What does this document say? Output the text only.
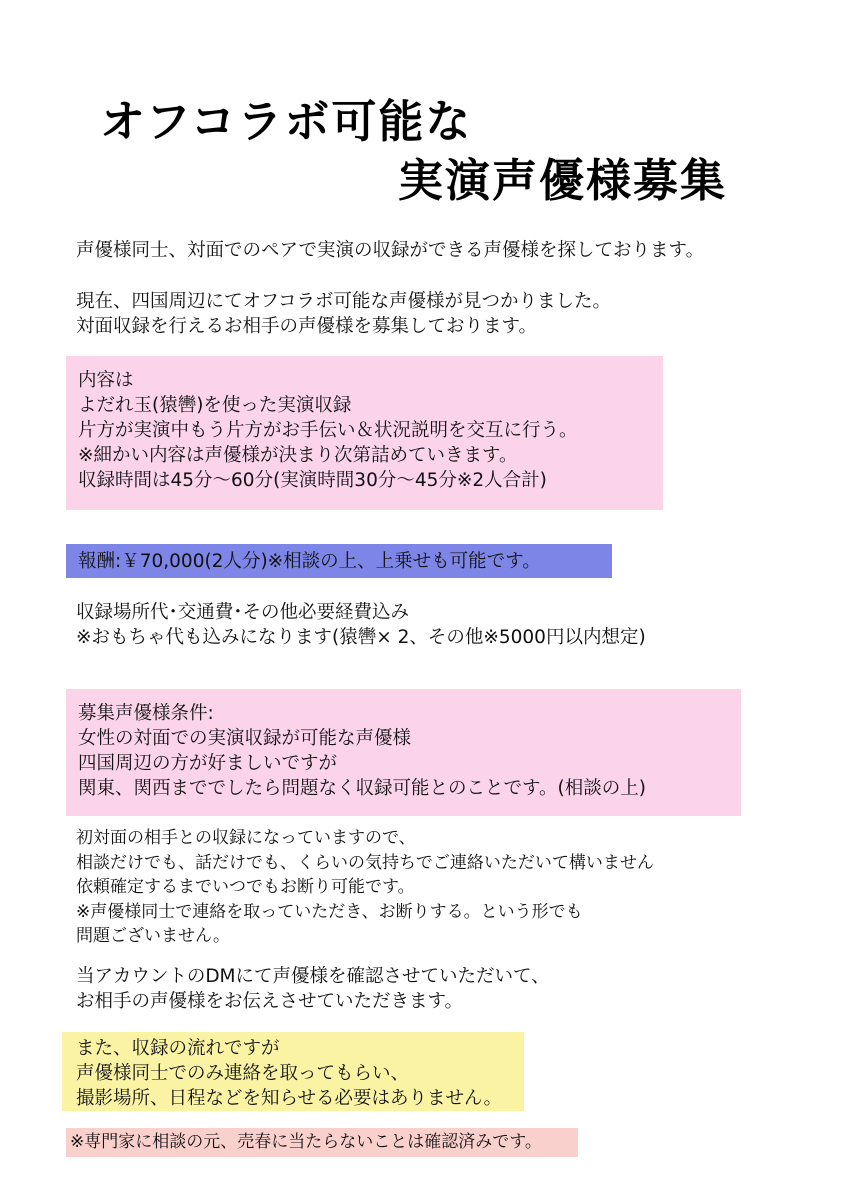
オフコラボ可能な
実演声優様募集
声優様同士、対面でのペアで実演の収録ができる声優様を探しております。
現在、四国周辺にてオフコラボ可能な声優様が見つかりました。
対面収録を行えるお相手の声優様を募集しております。
内容は
よだれ玉(猿轡)を使った実演収録
片方が実演中もう片方がお手伝い＆状況説明を交互に行う。
※細かい内容は声優様が決まり次第詰めていきます。
収録時間は45分～60分(実演時間30分～45分※2人合計)
報酬:￥70,000(2人分)※相談の上、上乗せも可能です。
収録場所代･交通費･その他必要経費込み
※おもちゃ代も込みになります(猿轡× 2、その他※5000円以内想定)
募集声優様条件:
女性の対面での実演収録が可能な声優様
四国周辺の方が好ましいですが
関東、関西まででしたら問題なく収録可能とのことです。(相談の上)
初対面の相手との収録になっていますので、
相談だけでも、話だけでも、くらいの気持ちでご連絡いただいて構いません
依頼確定するまでいつでもお断り可能です。
※声優様同士で連絡を取っていただき、お断りする。という形でも
問題ございません。
当アカウントのDMにて声優様を確認させていただいて、
お相手の声優様をお伝えさせていただきます。
また、収録の流れですが
声優様同士でのみ連絡を取ってもらい、
撮影場所、日程などを知らせる必要はありません。
※専門家に相談の元、売春に当たらないことは確認済みです。
